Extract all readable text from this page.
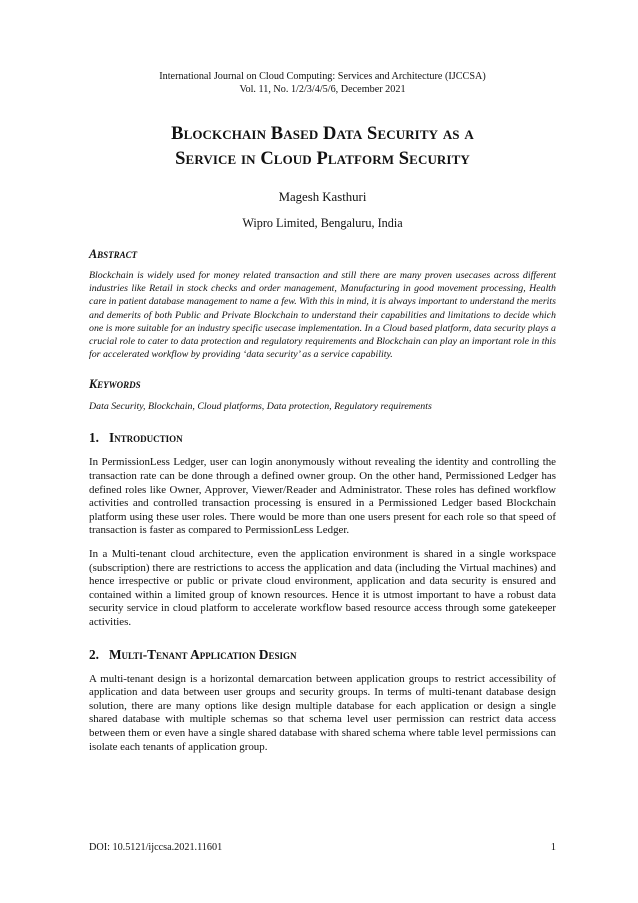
International Journal on Cloud Computing: Services and Architecture (IJCCSA)
Vol. 11, No. 1/2/3/4/5/6, December 2021
Blockchain Based Data Security as a
Service in Cloud Platform Security
Magesh Kasthuri
Wipro Limited, Bengaluru, India
Abstract
Blockchain is widely used for money related transaction and still there are many proven usecases across different industries like Retail in stock checks and order management, Manufacturing in good movement processing, Health care in patient database management to name a few. With this in mind, it is always important to understand the merits and demerits of both Public and Private Blockchain to understand their capabilities and limitations to decide which one is more suitable for an industry specific usecase implementation. In a Cloud based platform, data security plays a crucial role to cater to data protection and regulatory requirements and Blockchain can play an important role in this for accelerated workflow by providing ‘data security’ as a service capability.
Keywords
Data Security, Blockchain, Cloud platforms, Data protection, Regulatory requirements
1. Introduction
In PermissionLess Ledger, user can login anonymously without revealing the identity and controlling the transaction rate can be done through a defined owner group. On the other hand, Permissioned Ledger has defined roles like Owner, Approver, Viewer/Reader and Administrator. These roles has defined workflow activities and controlled transaction processing is ensured in a Permissioned Ledger based Blockchain platform using these user roles. There would be more than one users present for each role so that speed of transaction is faster as compared to PermissionLess Ledger.
In a Multi-tenant cloud architecture, even the application environment is shared in a single workspace (subscription) there are restrictions to access the application and data (including the Virtual machines) and hence irrespective or public or private cloud environment, application and data security is ensured and contained within a limited group of known resources. Hence it is utmost important to have a robust data security service in cloud platform to accelerate workflow based resource access through some gatekeeper activities.
2. Multi-Tenant Application Design
A multi-tenant design is a horizontal demarcation between application groups to restrict accessibility of application and data between user groups and security groups. In terms of multi-tenant database design solution, there are many options like design multiple database for each application or design a single shared database with multiple schemas so that schema level user permission can restrict data access between them or even have a single shared database with shared schema where table level permissions can isolate each tenants of application group.
DOI: 10.5121/ijccsa.2021.11601	1
